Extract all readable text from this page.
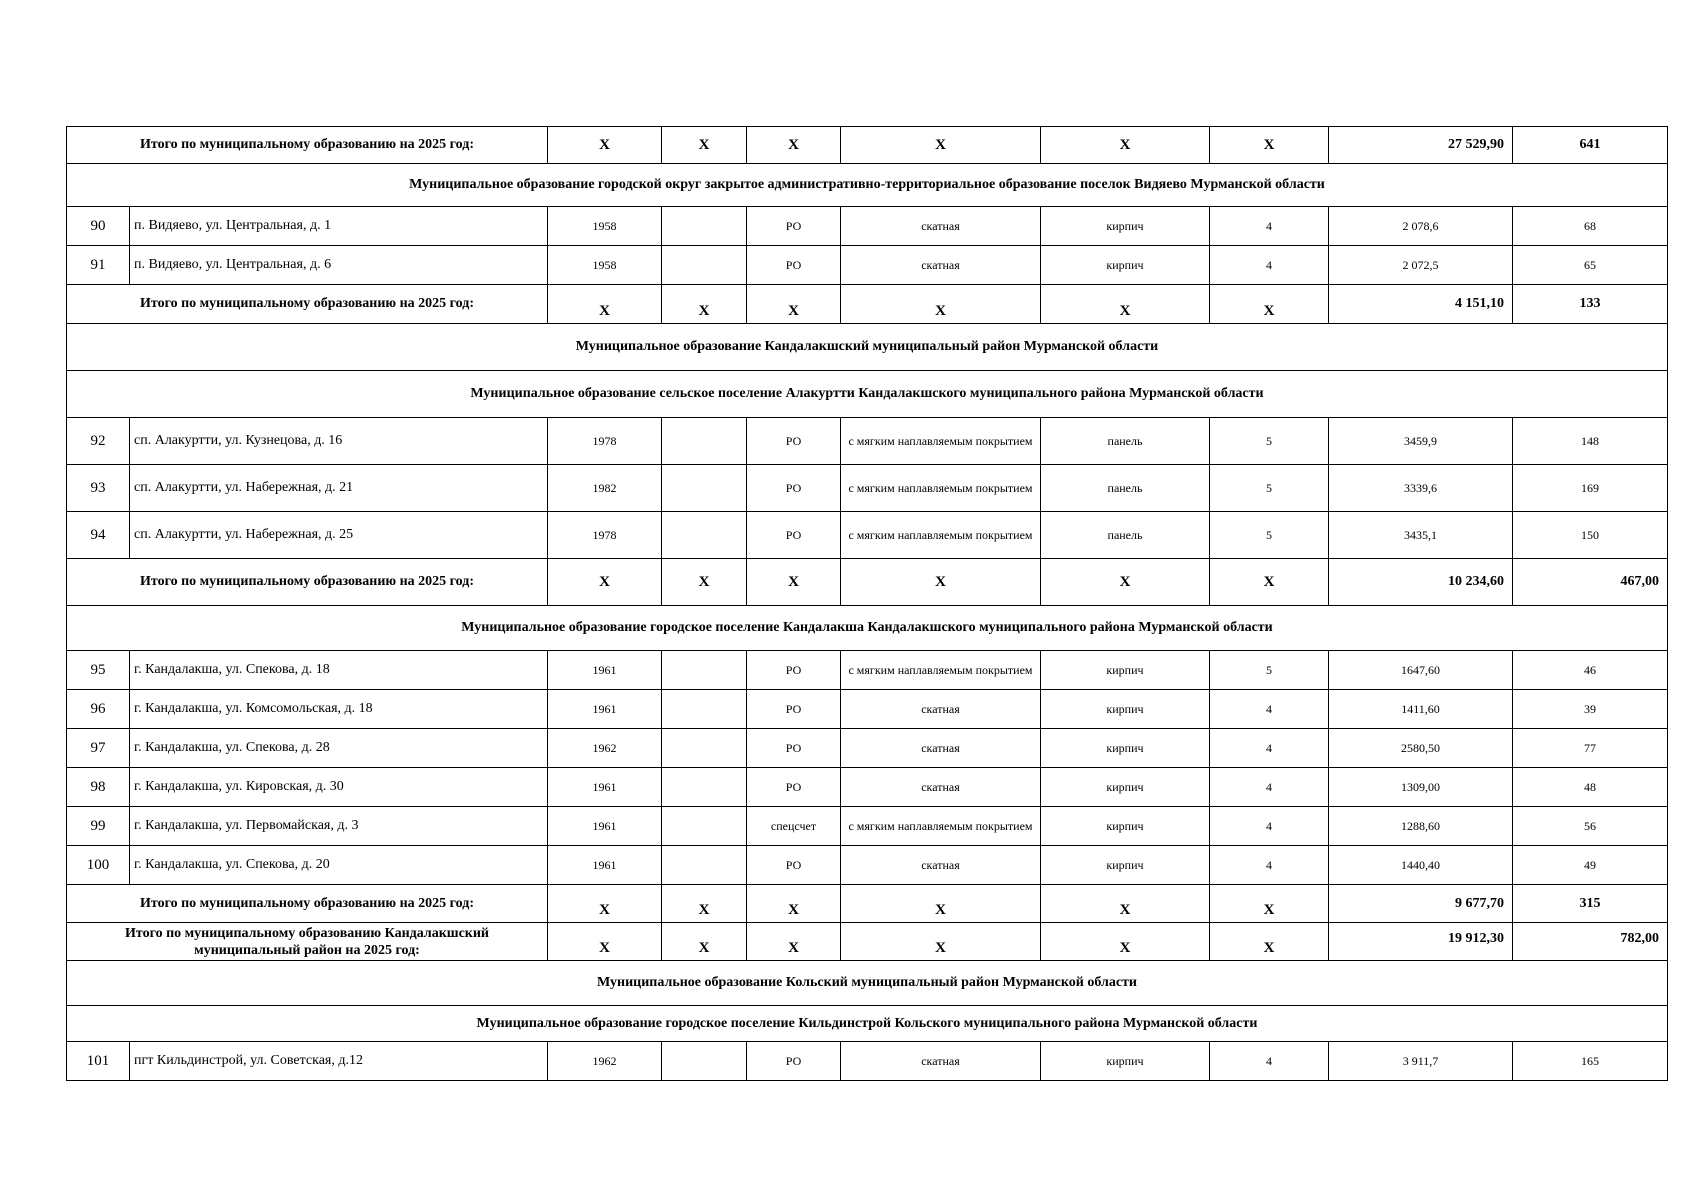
Итого по муниципальному образованию на 2025 год:		X	X	X	X	X	X	27 529,90	641
Муниципальное образование городской округ закрытое административно-территориальное образование поселок Видяево Мурманской области									
90	п. Видяево, ул. Центральная, д. 1	1958		РО	скатная	кирпич	4	2 078,6	68
91	п. Видяево, ул. Центральная, д. 6	1958		РО	скатная	кирпич	4	2 072,5	65
Итого по муниципальному образованию на 2025 год:		X	X	X	X	X	X	4 151,10	133
Муниципальное образование Кандалакшский муниципальный район Мурманской области									
Муниципальное образование сельское поселение Алакуртти Кандалакшского муниципального района Мурманской области									
92	сп. Алакуртти, ул. Кузнецова, д. 16	1978		РО	с мягким наплавляемым покрытием	панель	5	3459,9	148
93	сп. Алакуртти, ул. Набережная, д. 21	1982		РО	с мягким наплавляемым покрытием	панель	5	3339,6	169
94	сп. Алакуртти, ул. Набережная, д. 25	1978		РО	с мягким наплавляемым покрытием	панель	5	3435,1	150
Итого по муниципальному образованию на 2025 год:		X	X	X	X	X	X	10 234,60	467,00
Муниципальное образование городское поселение Кандалакша Кандалакшского муниципального района Мурманской области									
95	г. Кандалакша, ул. Спекова, д. 18	1961		РО	с мягким наплавляемым покрытием	кирпич	5	1647,60	46
96	г. Кандалакша, ул. Комсомольская, д. 18	1961		РО	скатная	кирпич	4	1411,60	39
97	г. Кандалакша, ул. Спекова, д. 28	1962		РО	скатная	кирпич	4	2580,50	77
98	г. Кандалакша, ул. Кировская, д. 30	1961		РО	скатная	кирпич	4	1309,00	48
99	г. Кандалакша, ул. Первомайская, д. 3	1961		спецсчет	с мягким наплавляемым покрытием	кирпич	4	1288,60	56
100	г. Кандалакша, ул. Спекова, д. 20	1961		РО	скатная	кирпич	4	1440,40	49
Итого по муниципальному образованию на 2025 год:		X	X	X	X	X	X	9 677,70	315

Итого по муниципальному образованию Кандалакшский
муниципальный район на 2025 год:		X	X	X	X	X	X	19 912,30	782,00
Муниципальное образование Кольский муниципальный район Мурманской области									
Муниципальное образование городское поселение Кильдинстрой Кольского муниципального района Мурманской области									
101	пгт Кильдинстрой, ул. Советская, д.12	1962		РО	скатная	кирпич	4	3 911,7	165
